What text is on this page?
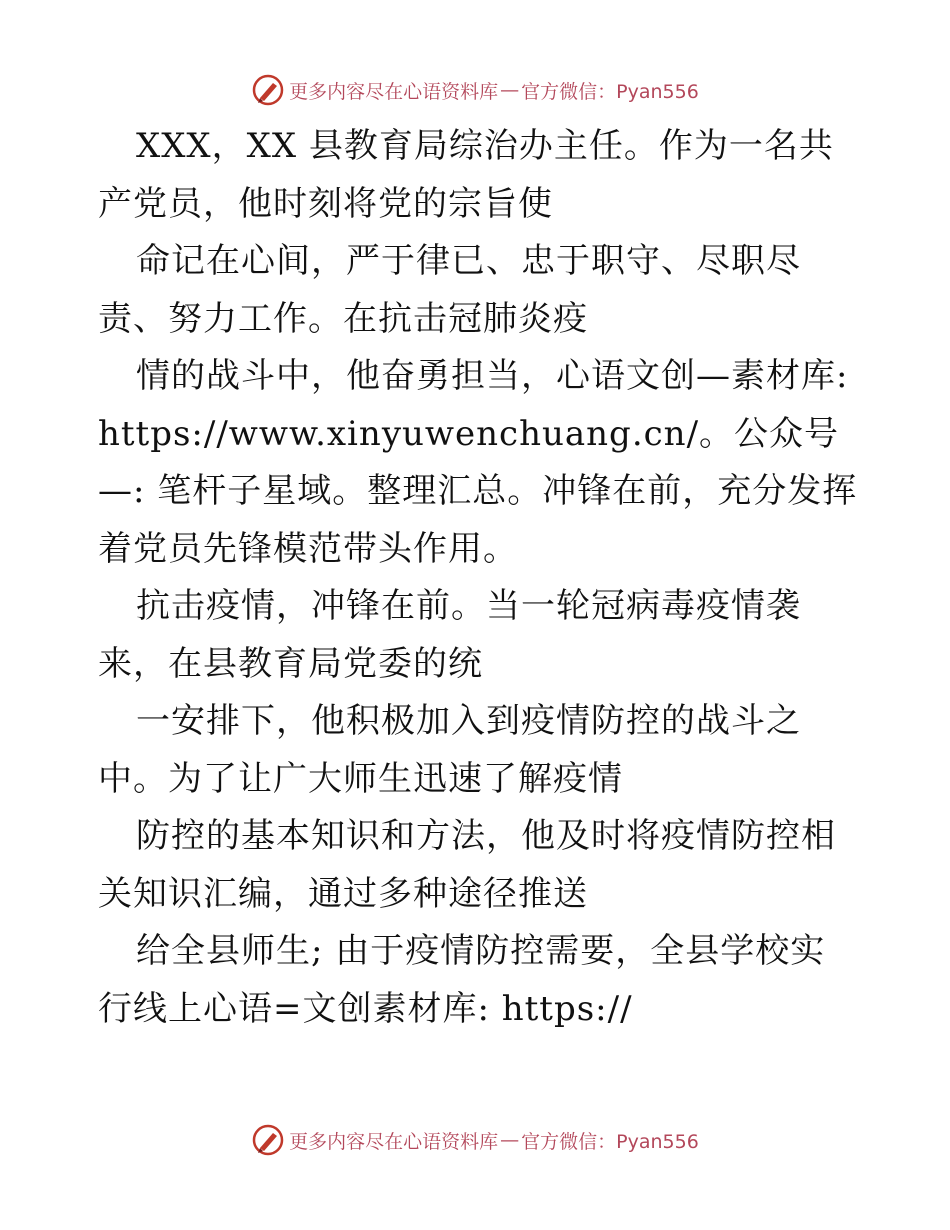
更多内容尽在心语资料库 — 官方微信：Pyan556

XXX，XX 县教育局综治办主任。作为一名共产党员，他时刻将党的宗旨使

命记在心间，严于律已、忠于职守、尽职尽责、努力工作。在抗击冠肺炎疫

情的战斗中，他奋勇担当，心语文创—素材库: https://www.xinyuwenchuang.cn/。公众号—: 笔杆子星域。整理汇总。冲锋在前，充分发挥着党员先锋模范带头作用。

抗击疫情，冲锋在前。当一轮冠病毒疫情袭来，在县教育局党委的统

一安排下，他积极加入到疫情防控的战斗之中。为了让广大师生迅速了解疫情

防控的基本知识和方法，他及时将疫情防控相关知识汇编，通过多种途径推送

给全县师生; 由于疫情防控需要，全县学校实行线上心语=文创素材库: https://

更多内容尽在心语资料库 — 官方微信：Pyan556
